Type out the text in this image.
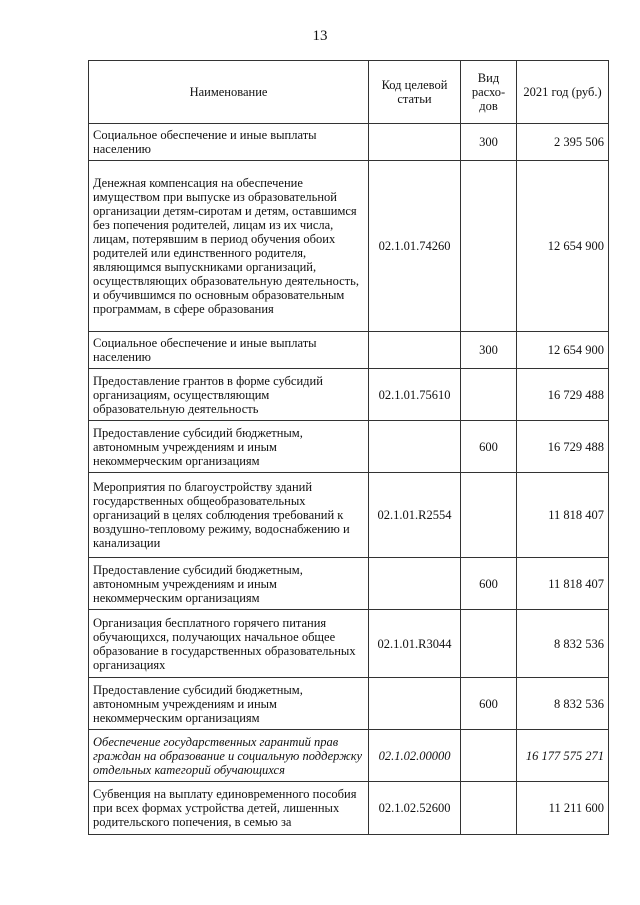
13
Наименование	Код целевой статьи	Вид расхо-дов	2021 год (руб.)
Социальное обеспечение и иные выплаты населению		300	2 395 506
Денежная компенсация на обеспечение имуществом при выпуске из образовательной организации детям-сиротам и детям, оставшимся без попечения родителей, лицам из их числа, лицам, потерявшим в период обучения обоих родителей или единственного родителя, являющимся выпускниками организаций, осуществляющих образовательную деятельность, и обучившимся по основным образовательным программам, в сфере образования	02.1.01.74260		12 654 900
Социальное обеспечение и иные выплаты населению		300	12 654 900
Предоставление грантов в форме субсидий организациям, осуществляющим образовательную деятельность	02.1.01.75610		16 729 488
Предоставление субсидий бюджетным, автономным учреждениям и иным некоммерческим организациям		600	16 729 488
Мероприятия по благоустройству зданий государственных общеобразовательных организаций в целях соблюдения требований к воздушно-тепловому режиму, водоснабжению и канализации	02.1.01.R2554		11 818 407
Предоставление субсидий бюджетным, автономным учреждениям и иным некоммерческим организациям		600	11 818 407
Организация бесплатного горячего питания обучающихся, получающих начальное общее образование в государственных образовательных организациях	02.1.01.R3044		8 832 536
Предоставление субсидий бюджетным, автономным учреждениям и иным некоммерческим организациям		600	8 832 536
Обеспечение государственных гарантий прав граждан на образование и социальную поддержку отдельных категорий обучающихся	02.1.02.00000		16 177 575 271
Субвенция на выплату единовременного пособия при всех формах устройства детей, лишенных родительского попечения, в семью за	02.1.02.52600		11 211 600
